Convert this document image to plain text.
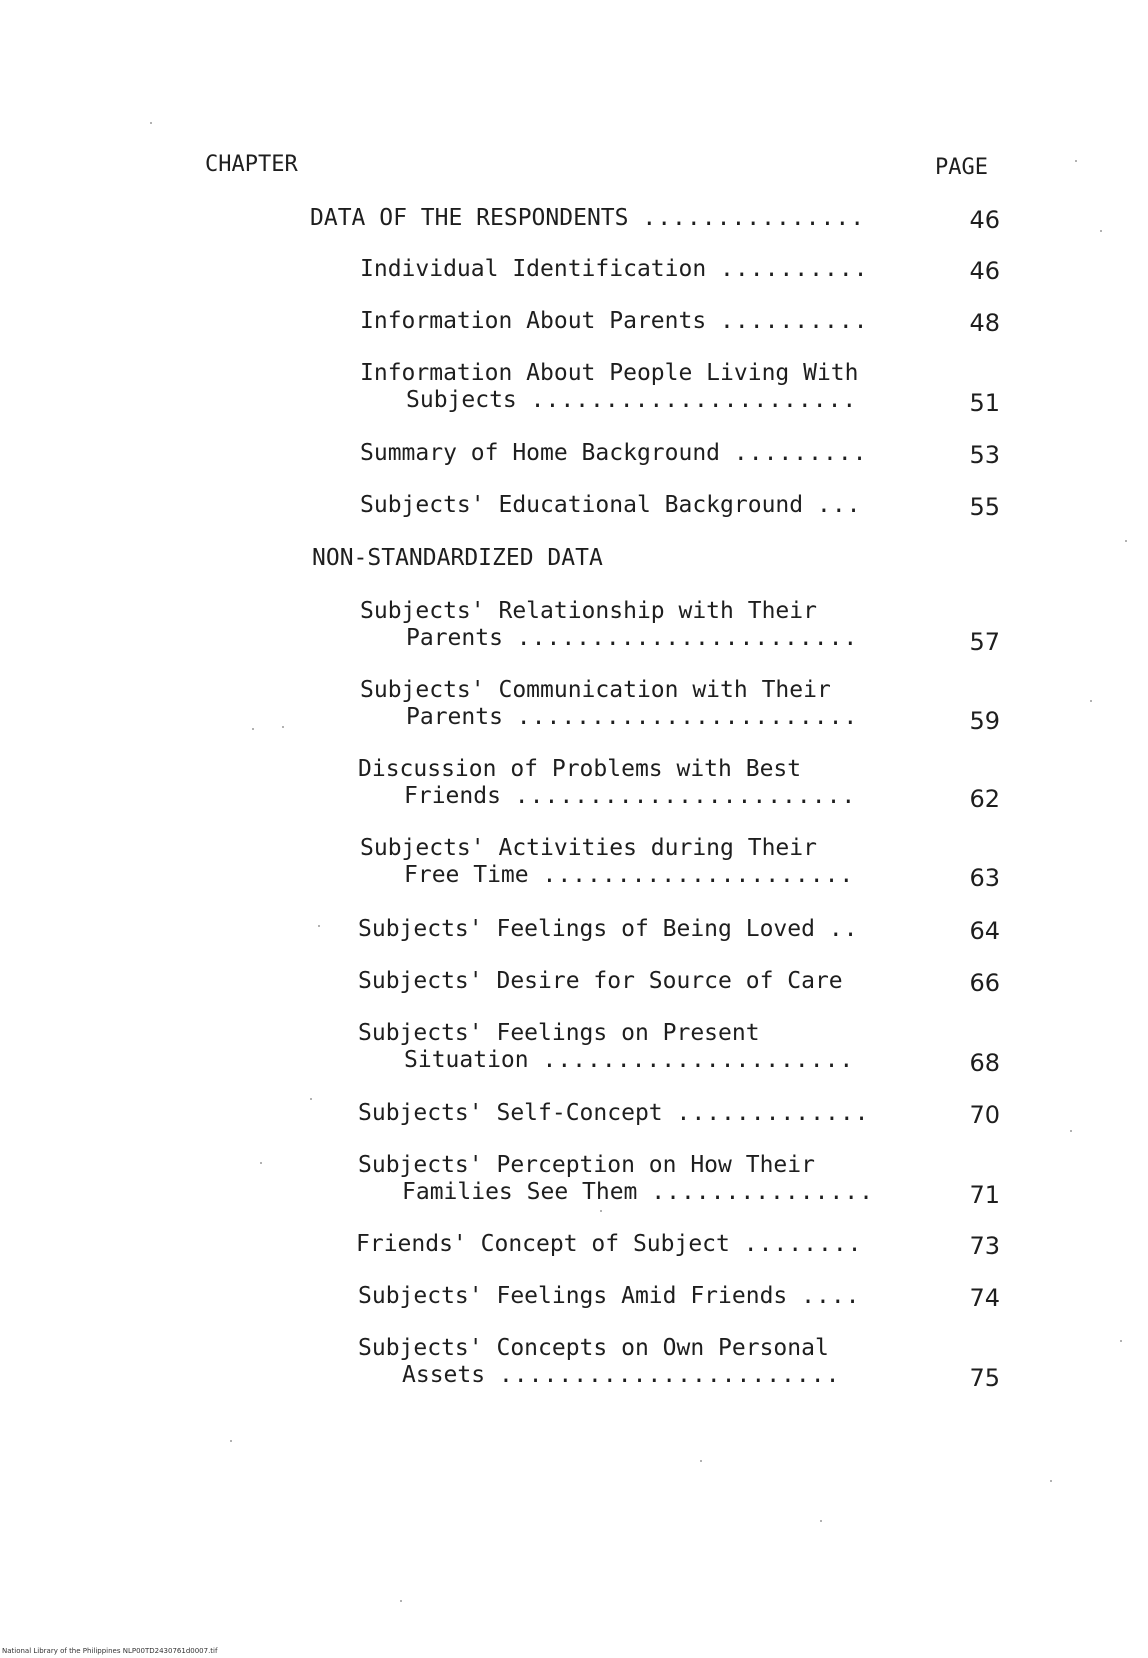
CHAPTER	PAGE
DATA OF THE RESPONDENTS ...............	46
Individual Identification ..........	46
Information About Parents ..........	48
Information About People Living With
Subjects ......................	51
Summary of Home Background .........	53
Subjects' Educational Background ...	55
NON-STANDARDIZED DATA
Subjects' Relationship with Their
Parents .......................	57
Subjects' Communication with Their
Parents .......................	59
Discussion of Problems with Best
Friends .......................	62
Subjects' Activities during Their
Free Time .....................	63
Subjects' Feelings of Being Loved ..	64
Subjects' Desire for Source of Care	66
Subjects' Feelings on Present
Situation .....................	68
Subjects' Self-Concept .............	70
Subjects' Perception on How Their
Families See Them ...............	71
Friends' Concept of Subject ........	73
Subjects' Feelings Amid Friends ....	74
Subjects' Concepts on Own Personal
Assets .......................	75
National Library of the Philippines NLP00TD2430761d0007.tif
